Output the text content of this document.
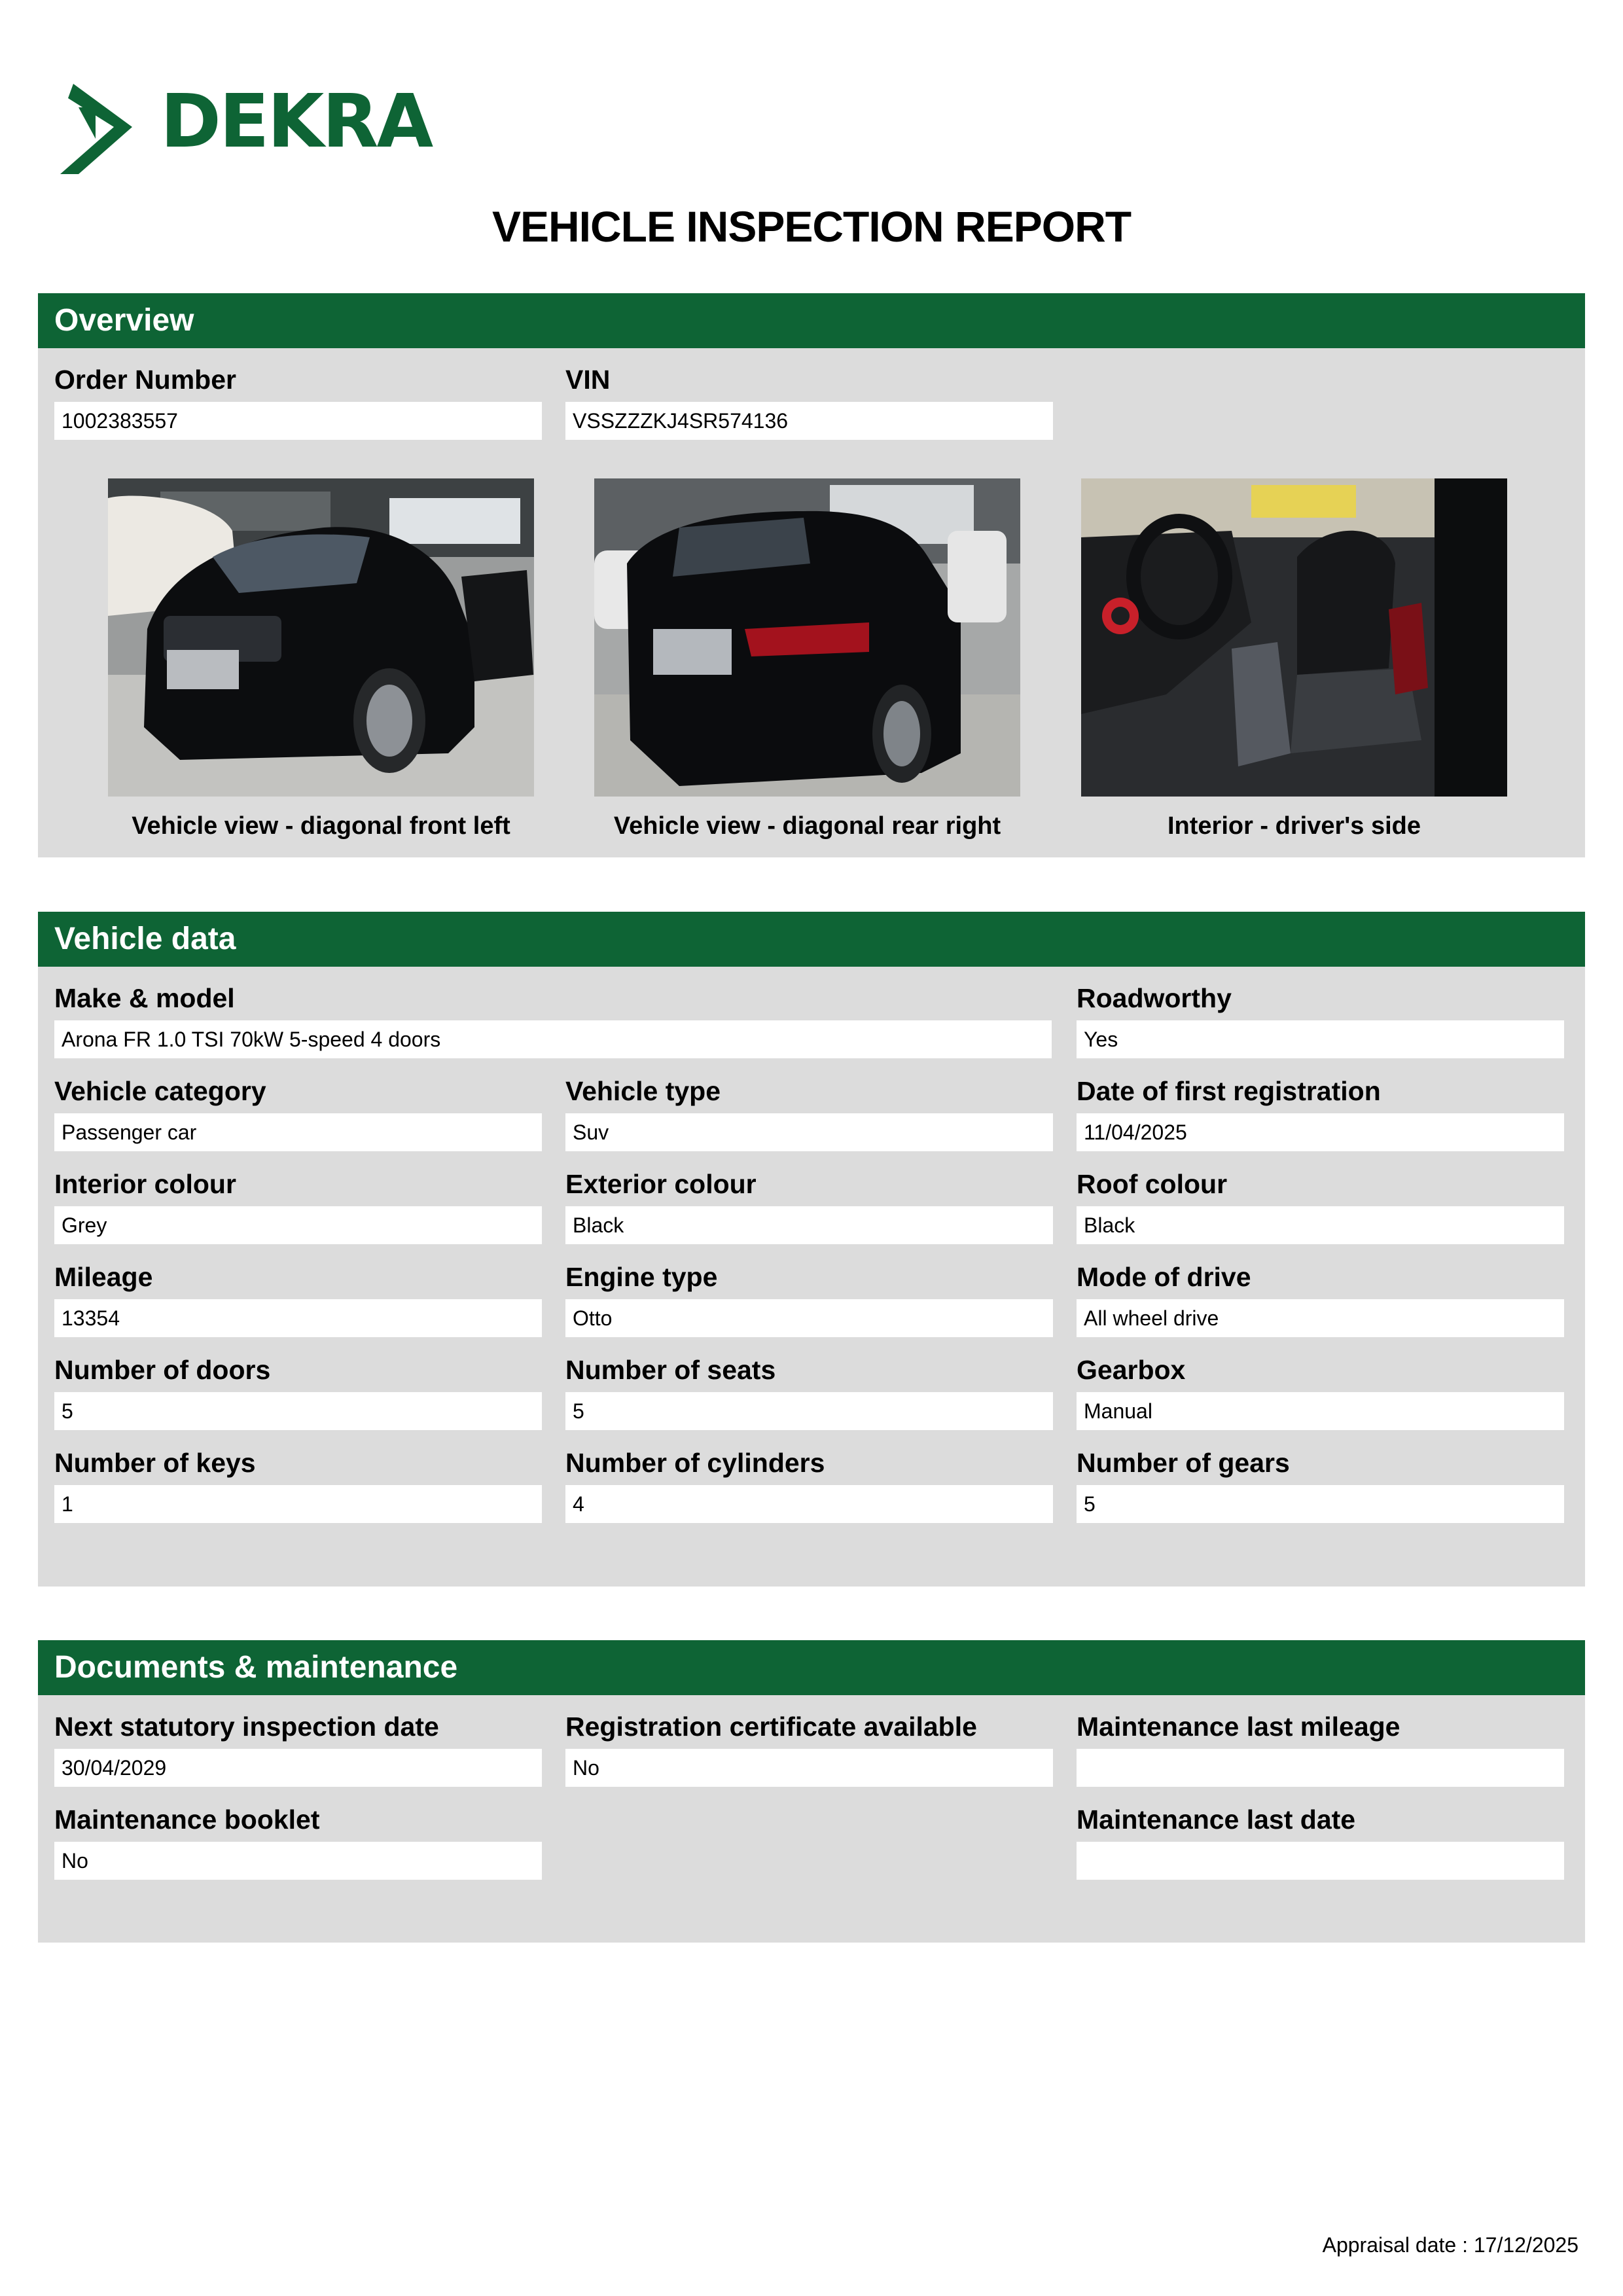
DEKRA
VEHICLE INSPECTION REPORT
Overview
Order Number
1002383557
VIN
VSSZZZKJ4SR574136
Vehicle view - diagonal front left	Vehicle view - diagonal rear right	Interior - driver's side
Vehicle data
Make & model
Arona FR 1.0 TSI 70kW 5-speed 4 doors
Roadworthy
Yes
Vehicle category
Passenger car
Vehicle type
Suv
Date of first registration
11/04/2025
Interior colour
Grey
Exterior colour
Black
Roof colour
Black
Mileage
13354
Engine type
Otto
Mode of drive
All wheel drive
Number of doors
5
Number of seats
5
Gearbox
Manual
Number of keys
1
Number of cylinders
4
Number of gears
5
Documents & maintenance
Next statutory inspection date
30/04/2029
Registration certificate available
No
Maintenance last mileage
Maintenance booklet
No
Maintenance last date
Appraisal date : 17/12/2025
